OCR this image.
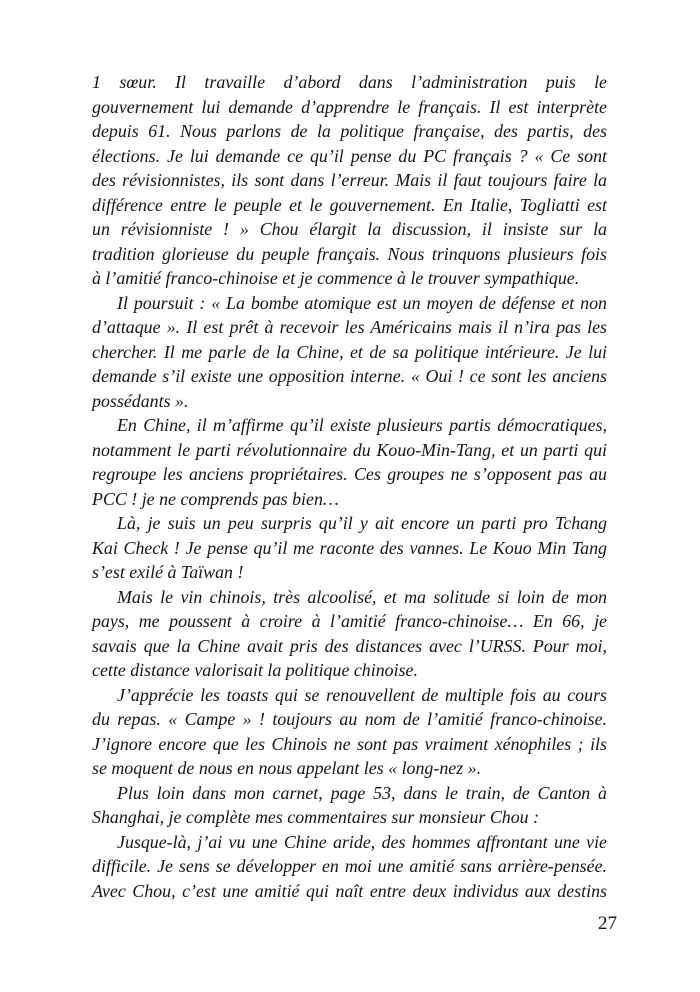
1 sœur. Il travaille d’abord dans l’administration puis le
gouvernement lui demande d’apprendre le français. Il est interprète
depuis 61. Nous parlons de la politique française, des partis, des
élections. Je lui demande ce qu’il pense du PC français ? « Ce sont
des révisionnistes, ils sont dans l’erreur. Mais il faut toujours faire la
différence entre le peuple et le gouvernement. En Italie, Togliatti est
un révisionniste ! » Chou élargit la discussion, il insiste sur la
tradition glorieuse du peuple français. Nous trinquons plusieurs fois
à l’amitié franco-chinoise et je commence à le trouver sympathique.
Il poursuit : « La bombe atomique est un moyen de défense et non
d’attaque ». Il est prêt à recevoir les Américains mais il n’ira pas les
chercher. Il me parle de la Chine, et de sa politique intérieure. Je lui
demande s’il existe une opposition interne. « Oui ! ce sont les anciens
possédants ».
En Chine, il m’affirme qu’il existe plusieurs partis démocratiques,
notamment le parti révolutionnaire du Kouo-Min-Tang, et un parti qui
regroupe les anciens propriétaires. Ces groupes ne s’opposent pas au
PCC ! je ne comprends pas bien…
Là, je suis un peu surpris qu’il y ait encore un parti pro Tchang
Kai Check ! Je pense qu’il me raconte des vannes. Le Kouo Min Tang
s’est exilé à Taïwan !
Mais le vin chinois, très alcoolisé, et ma solitude si loin de mon
pays, me poussent à croire à l’amitié franco-chinoise… En 66, je
savais que la Chine avait pris des distances avec l’URSS. Pour moi,
cette distance valorisait la politique chinoise.
J’apprécie les toasts qui se renouvellent de multiple fois au cours
du repas. « Campe » ! toujours au nom de l’amitié franco-chinoise.
J’ignore encore que les Chinois ne sont pas vraiment xénophiles ; ils
se moquent de nous en nous appelant les « long-nez ».
Plus loin dans mon carnet, page 53, dans le train, de Canton à
Shanghai, je complète mes commentaires sur monsieur Chou :
Jusque-là, j’ai vu une Chine aride, des hommes affrontant une vie
difficile. Je sens se développer en moi une amitié sans arrière-pensée.
Avec Chou, c’est une amitié qui naît entre deux individus aux destins
27
